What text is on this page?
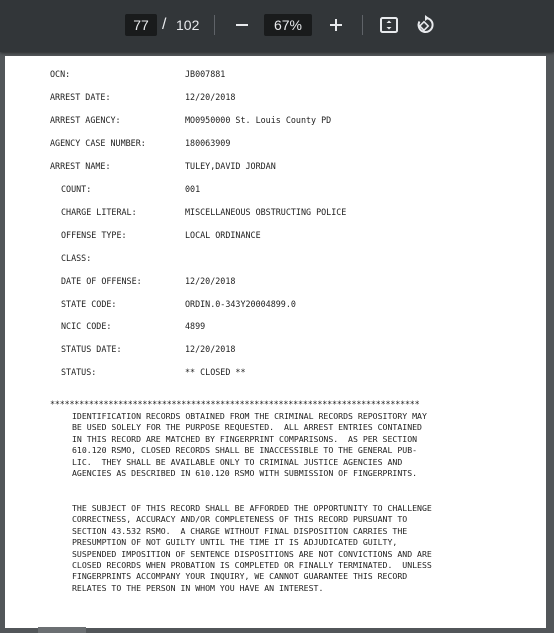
77 / 102	67%
OCN:	JB007881
ARREST DATE:	12/20/2018
ARREST AGENCY:	MO0950000 St. Louis County PD
AGENCY CASE NUMBER:	180063909
ARREST NAME:	TULEY,DAVID JORDAN
COUNT:	001
CHARGE LITERAL:	MISCELLANEOUS OBSTRUCTING POLICE
OFFENSE TYPE:	LOCAL ORDINANCE
CLASS:
DATE OF OFFENSE:	12/20/2018
STATE CODE:	ORDIN.0-343Y20004899.0
NCIC CODE:	4899
STATUS DATE:	12/20/2018
STATUS:	** CLOSED **
****************************************************************************
IDENTIFICATION RECORDS OBTAINED FROM THE CRIMINAL RECORDS REPOSITORY MAY
BE USED SOLELY FOR THE PURPOSE REQUESTED.  ALL ARREST ENTRIES CONTAINED
IN THIS RECORD ARE MATCHED BY FINGERPRINT COMPARISONS.  AS PER SECTION
610.120 RSMO, CLOSED RECORDS SHALL BE INACCESSIBLE TO THE GENERAL PUB-
LIC.  THEY SHALL BE AVAILABLE ONLY TO CRIMINAL JUSTICE AGENCIES AND
AGENCIES AS DESCRIBED IN 610.120 RSMO WITH SUBMISSION OF FINGERPRINTS.
THE SUBJECT OF THIS RECORD SHALL BE AFFORDED THE OPPORTUNITY TO CHALLENGE
CORRECTNESS, ACCURACY AND/OR COMPLETENESS OF THIS RECORD PURSUANT TO
SECTION 43.532 RSMO.  A CHARGE WITHOUT FINAL DISPOSITION CARRIES THE
PRESUMPTION OF NOT GUILTY UNTIL THE TIME IT IS ADJUDICATED GUILTY,
SUSPENDED IMPOSITION OF SENTENCE DISPOSITIONS ARE NOT CONVICTIONS AND ARE
CLOSED RECORDS WHEN PROBATION IS COMPLETED OR FINALLY TERMINATED.  UNLESS
FINGERPRINTS ACCOMPANY YOUR INQUIRY, WE CANNOT GUARANTEE THIS RECORD
RELATES TO THE PERSON IN WHOM YOU HAVE AN INTEREST.
